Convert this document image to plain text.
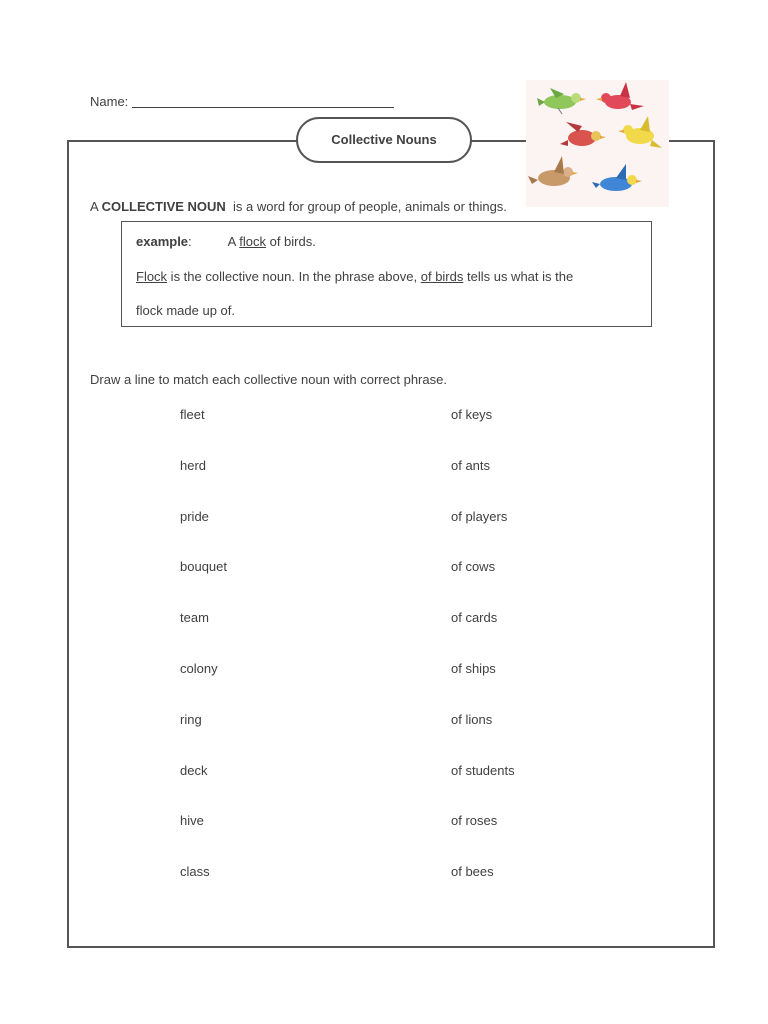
Name:
Collective Nouns
A COLLECTIVE NOUN  is a word for group of people, animals or things.
example:	A flock of birds.
Flock is the collective noun. In the phrase above, of birds tells us what is the
flock made up of.
Draw a line to match each collective noun with correct phrase.
fleet
herd
pride
bouquet
team
colony
ring
deck
hive
class
of keys
of ants
of players
of cows
of cards
of ships
of lions
of students
of roses
of bees
